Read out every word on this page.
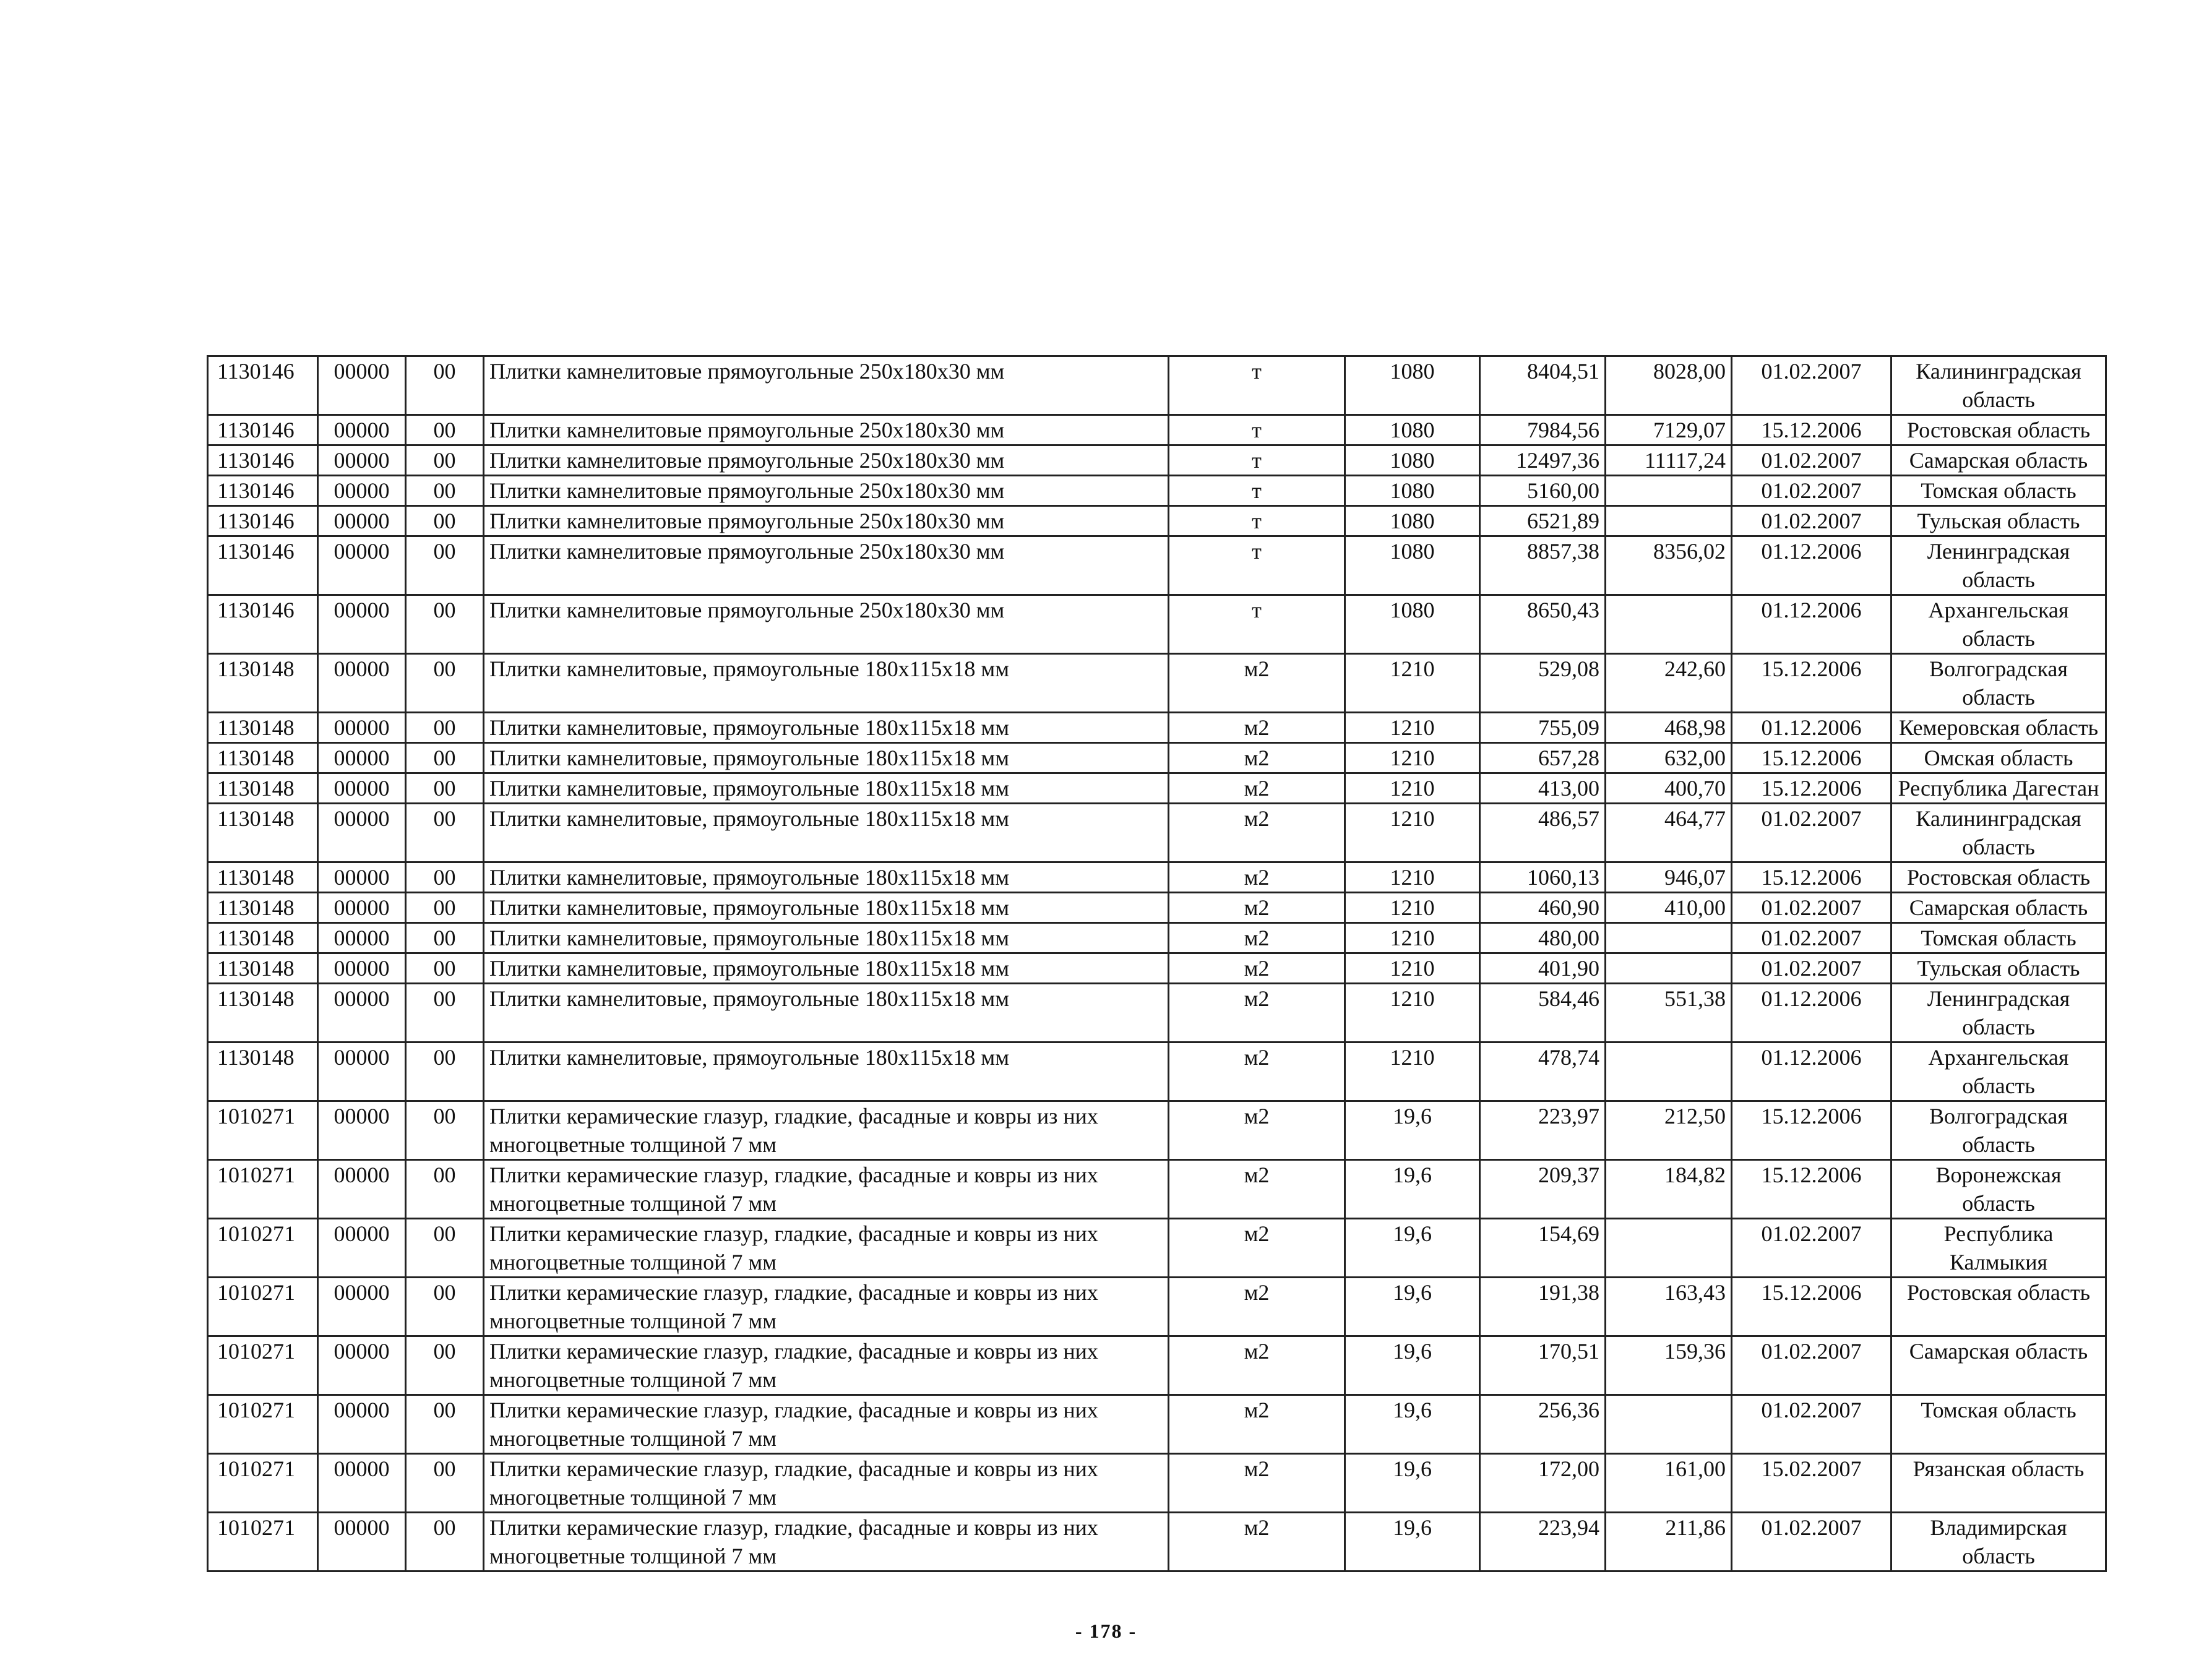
1130146	00000	00	Плитки камнелитовые прямоугольные 250х180х30 мм	т	1080	8404,51	8028,00	01.02.2007	Калининградская область
1130146	00000	00	Плитки камнелитовые прямоугольные 250х180х30 мм	т	1080	7984,56	7129,07	15.12.2006	Ростовская область
1130146	00000	00	Плитки камнелитовые прямоугольные 250х180х30 мм	т	1080	12497,36	11117,24	01.02.2007	Самарская область
1130146	00000	00	Плитки камнелитовые прямоугольные 250х180х30 мм	т	1080	5160,00		01.02.2007	Томская область
1130146	00000	00	Плитки камнелитовые прямоугольные 250х180х30 мм	т	1080	6521,89		01.02.2007	Тульская область
1130146	00000	00	Плитки камнелитовые прямоугольные 250х180х30 мм	т	1080	8857,38	8356,02	01.12.2006	Ленинградская область
1130146	00000	00	Плитки камнелитовые прямоугольные 250х180х30 мм	т	1080	8650,43		01.12.2006	Архангельская область
1130148	00000	00	Плитки камнелитовые, прямоугольные 180х115х18 мм	м2	1210	529,08	242,60	15.12.2006	Волгоградская область
1130148	00000	00	Плитки камнелитовые, прямоугольные 180х115х18 мм	м2	1210	755,09	468,98	01.12.2006	Кемеровская область
1130148	00000	00	Плитки камнелитовые, прямоугольные 180х115х18 мм	м2	1210	657,28	632,00	15.12.2006	Омская область
1130148	00000	00	Плитки камнелитовые, прямоугольные 180х115х18 мм	м2	1210	413,00	400,70	15.12.2006	Республика Дагестан
1130148	00000	00	Плитки камнелитовые, прямоугольные 180х115х18 мм	м2	1210	486,57	464,77	01.02.2007	Калининградская область
1130148	00000	00	Плитки камнелитовые, прямоугольные 180х115х18 мм	м2	1210	1060,13	946,07	15.12.2006	Ростовская область
1130148	00000	00	Плитки камнелитовые, прямоугольные 180х115х18 мм	м2	1210	460,90	410,00	01.02.2007	Самарская область
1130148	00000	00	Плитки камнелитовые, прямоугольные 180х115х18 мм	м2	1210	480,00		01.02.2007	Томская область
1130148	00000	00	Плитки камнелитовые, прямоугольные 180х115х18 мм	м2	1210	401,90		01.02.2007	Тульская область
1130148	00000	00	Плитки камнелитовые, прямоугольные 180х115х18 мм	м2	1210	584,46	551,38	01.12.2006	Ленинградская область
1130148	00000	00	Плитки камнелитовые, прямоугольные 180х115х18 мм	м2	1210	478,74		01.12.2006	Архангельская область
1010271	00000	00	Плитки керамические глазур, гладкие, фасадные и ковры из них многоцветные толщиной 7 мм	м2	19,6	223,97	212,50	15.12.2006	Волгоградская область
1010271	00000	00	Плитки керамические глазур, гладкие, фасадные и ковры из них многоцветные толщиной 7 мм	м2	19,6	209,37	184,82	15.12.2006	Воронежская область
1010271	00000	00	Плитки керамические глазур, гладкие, фасадные и ковры из них многоцветные толщиной 7 мм	м2	19,6	154,69		01.02.2007	Республика Калмыкия
1010271	00000	00	Плитки керамические глазур, гладкие, фасадные и ковры из них многоцветные толщиной 7 мм	м2	19,6	191,38	163,43	15.12.2006	Ростовская область
1010271	00000	00	Плитки керамические глазур, гладкие, фасадные и ковры из них многоцветные толщиной 7 мм	м2	19,6	170,51	159,36	01.02.2007	Самарская область
1010271	00000	00	Плитки керамические глазур, гладкие, фасадные и ковры из них многоцветные толщиной 7 мм	м2	19,6	256,36		01.02.2007	Томская область
1010271	00000	00	Плитки керамические глазур, гладкие, фасадные и ковры из них многоцветные толщиной 7 мм	м2	19,6	172,00	161,00	15.02.2007	Рязанская область
1010271	00000	00	Плитки керамические глазур, гладкие, фасадные и ковры из них многоцветные толщиной 7 мм	м2	19,6	223,94	211,86	01.02.2007	Владимирская область
- 178 -
